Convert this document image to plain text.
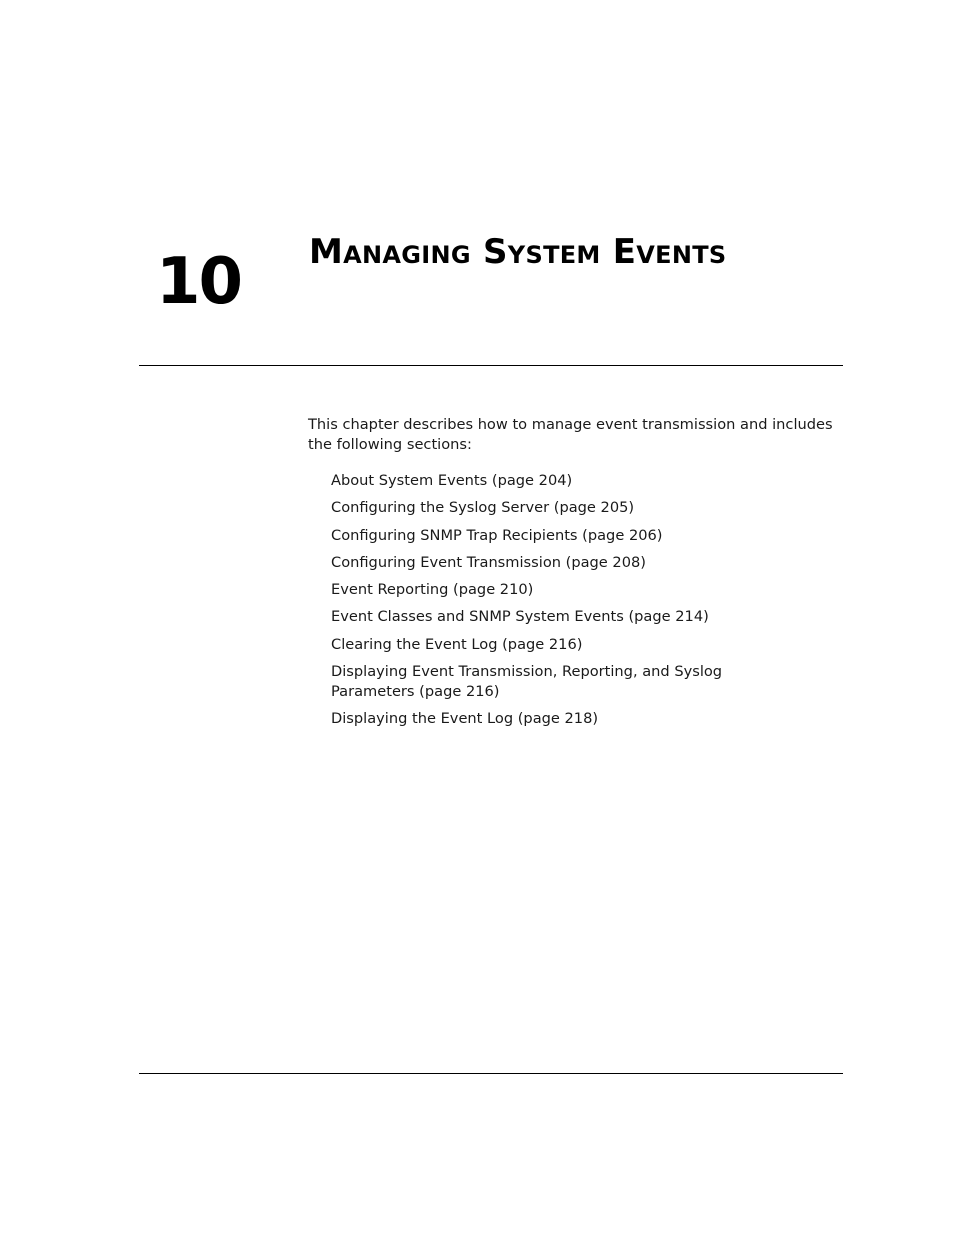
10 Managing System Events

This chapter describes how to manage event transmission and includes the following sections:

About System Events (page 204)
Configuring the Syslog Server (page 205)
Configuring SNMP Trap Recipients (page 206)
Configuring Event Transmission (page 208)
Event Reporting (page 210)
Event Classes and SNMP System Events (page 214)
Clearing the Event Log (page 216)
Displaying Event Transmission, Reporting, and Syslog Parameters (page 216)
Displaying the Event Log (page 218)
